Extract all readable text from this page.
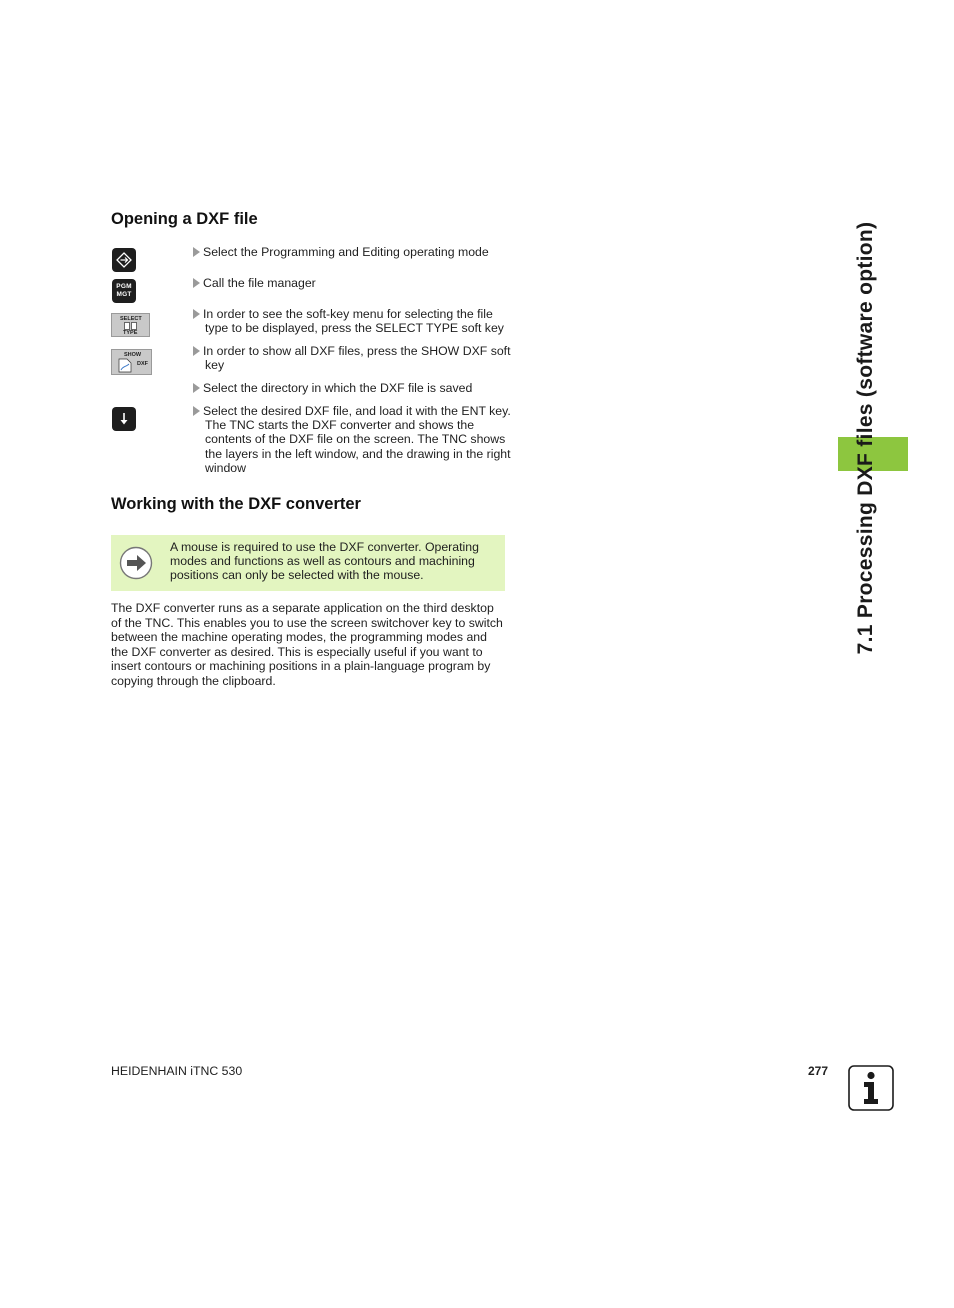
Opening a DXF file
PGM
MGT
SELECT
TYPE
SHOW
DXF
Select the Programming and Editing operating mode
Call the file manager
In order to see the soft-key menu for selecting the file type to be displayed, press the SELECT TYPE soft key
In order to show all DXF files, press the SHOW DXF soft key
Select the directory in which the DXF file is saved
Select the desired DXF file, and load it with the ENT key. The TNC starts the DXF converter and shows the contents of the DXF file on the screen. The TNC shows the layers in the left window, and the drawing in the right window
Working with the DXF converter
A mouse is required to use the DXF converter. Operating modes and functions as well as contours and machining positions can only be selected with the mouse.

The DXF converter runs as a separate application on the third desktop of the TNC. This enables you to use the screen switchover key to switch between the machine operating modes, the programming modes and the DXF converter as desired. This is especially useful if you want to insert contours or machining positions in a plain-language program by copying through the clipboard.

7.1 Processing DXF files (software option)
HEIDENHAIN iTNC 530	277
